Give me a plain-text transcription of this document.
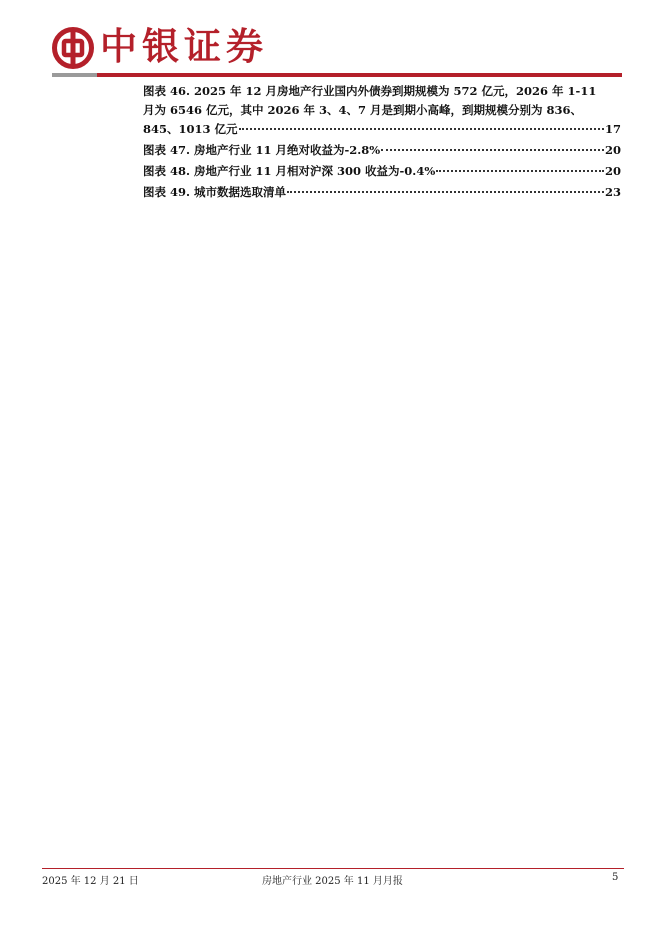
中银证券
图表 46. 2025 年 12 月房地产行业国内外债券到期规模为 572 亿元，2026 年 1-11
月为 6546 亿元，其中 2026 年 3、4、7 月是到期小高峰，到期规模分别为 836、
845、1013 亿元	17
图表 47. 房地产行业 11 月绝对收益为-2.8%	20
图表 48. 房地产行业 11 月相对沪深 300 收益为-0.4%	20
图表 49. 城市数据选取清单	23
2025 年 12 月 21 日	房地产行业 2025 年 11 月月报	5
